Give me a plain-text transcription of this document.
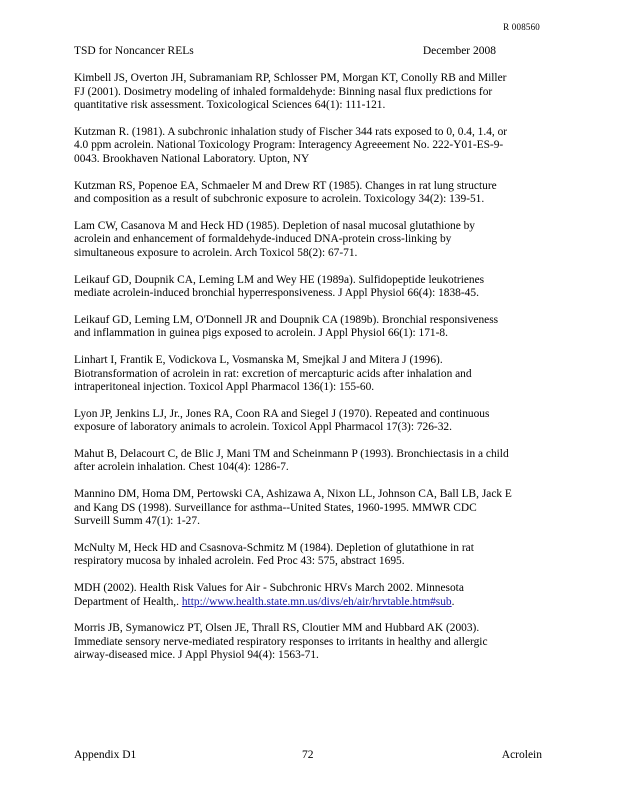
R 008560
TSD for Noncancer RELs	December 2008

Kimbell JS, Overton JH, Subramaniam RP, Schlosser PM, Morgan KT, Conolly RB and Miller FJ (2001). Dosimetry modeling of inhaled formaldehyde: Binning nasal flux predictions for quantitative risk assessment. Toxicological Sciences 64(1): 111-121.

Kutzman R. (1981). A subchronic inhalation study of Fischer 344 rats exposed to 0, 0.4, 1.4, or 4.0 ppm acrolein. National Toxicology Program: Interagency Agreeement No. 222-Y01-ES-9-0043. Brookhaven National Laboratory. Upton, NY

Kutzman RS, Popenoe EA, Schmaeler M and Drew RT (1985). Changes in rat lung structure and composition as a result of subchronic exposure to acrolein. Toxicology 34(2): 139-51.

Lam CW, Casanova M and Heck HD (1985). Depletion of nasal mucosal glutathione by acrolein and enhancement of formaldehyde-induced DNA-protein cross-linking by simultaneous exposure to acrolein. Arch Toxicol 58(2): 67-71.

Leikauf GD, Doupnik CA, Leming LM and Wey HE (1989a). Sulfidopeptide leukotrienes mediate acrolein-induced bronchial hyperresponsiveness. J Appl Physiol 66(4): 1838-45.

Leikauf GD, Leming LM, O'Donnell JR and Doupnik CA (1989b). Bronchial responsiveness and inflammation in guinea pigs exposed to acrolein. J Appl Physiol 66(1): 171-8.

Linhart I, Frantik E, Vodickova L, Vosmanska M, Smejkal J and Mitera J (1996). Biotransformation of acrolein in rat: excretion of mercapturic acids after inhalation and intraperitoneal injection. Toxicol Appl Pharmacol 136(1): 155-60.

Lyon JP, Jenkins LJ, Jr., Jones RA, Coon RA and Siegel J (1970). Repeated and continuous exposure of laboratory animals to acrolein. Toxicol Appl Pharmacol 17(3): 726-32.

Mahut B, Delacourt C, de Blic J, Mani TM and Scheinmann P (1993). Bronchiectasis in a child after acrolein inhalation. Chest 104(4): 1286-7.

Mannino DM, Homa DM, Pertowski CA, Ashizawa A, Nixon LL, Johnson CA, Ball LB, Jack E and Kang DS (1998). Surveillance for asthma--United States, 1960-1995. MMWR CDC Surveill Summ 47(1): 1-27.

McNulty M, Heck HD and Csasnova-Schmitz M (1984). Depletion of glutathione in rat respiratory mucosa by inhaled acrolein. Fed Proc 43: 575, abstract 1695.

MDH (2002). Health Risk Values for Air - Subchronic HRVs March 2002. Minnesota Department of Health,. http://www.health.state.mn.us/divs/eh/air/hrvtable.htm#sub.

Morris JB, Symanowicz PT, Olsen JE, Thrall RS, Cloutier MM and Hubbard AK (2003). Immediate sensory nerve-mediated respiratory responses to irritants in healthy and allergic airway-diseased mice. J Appl Physiol 94(4): 1563-71.

Appendix D1	72	Acrolein
